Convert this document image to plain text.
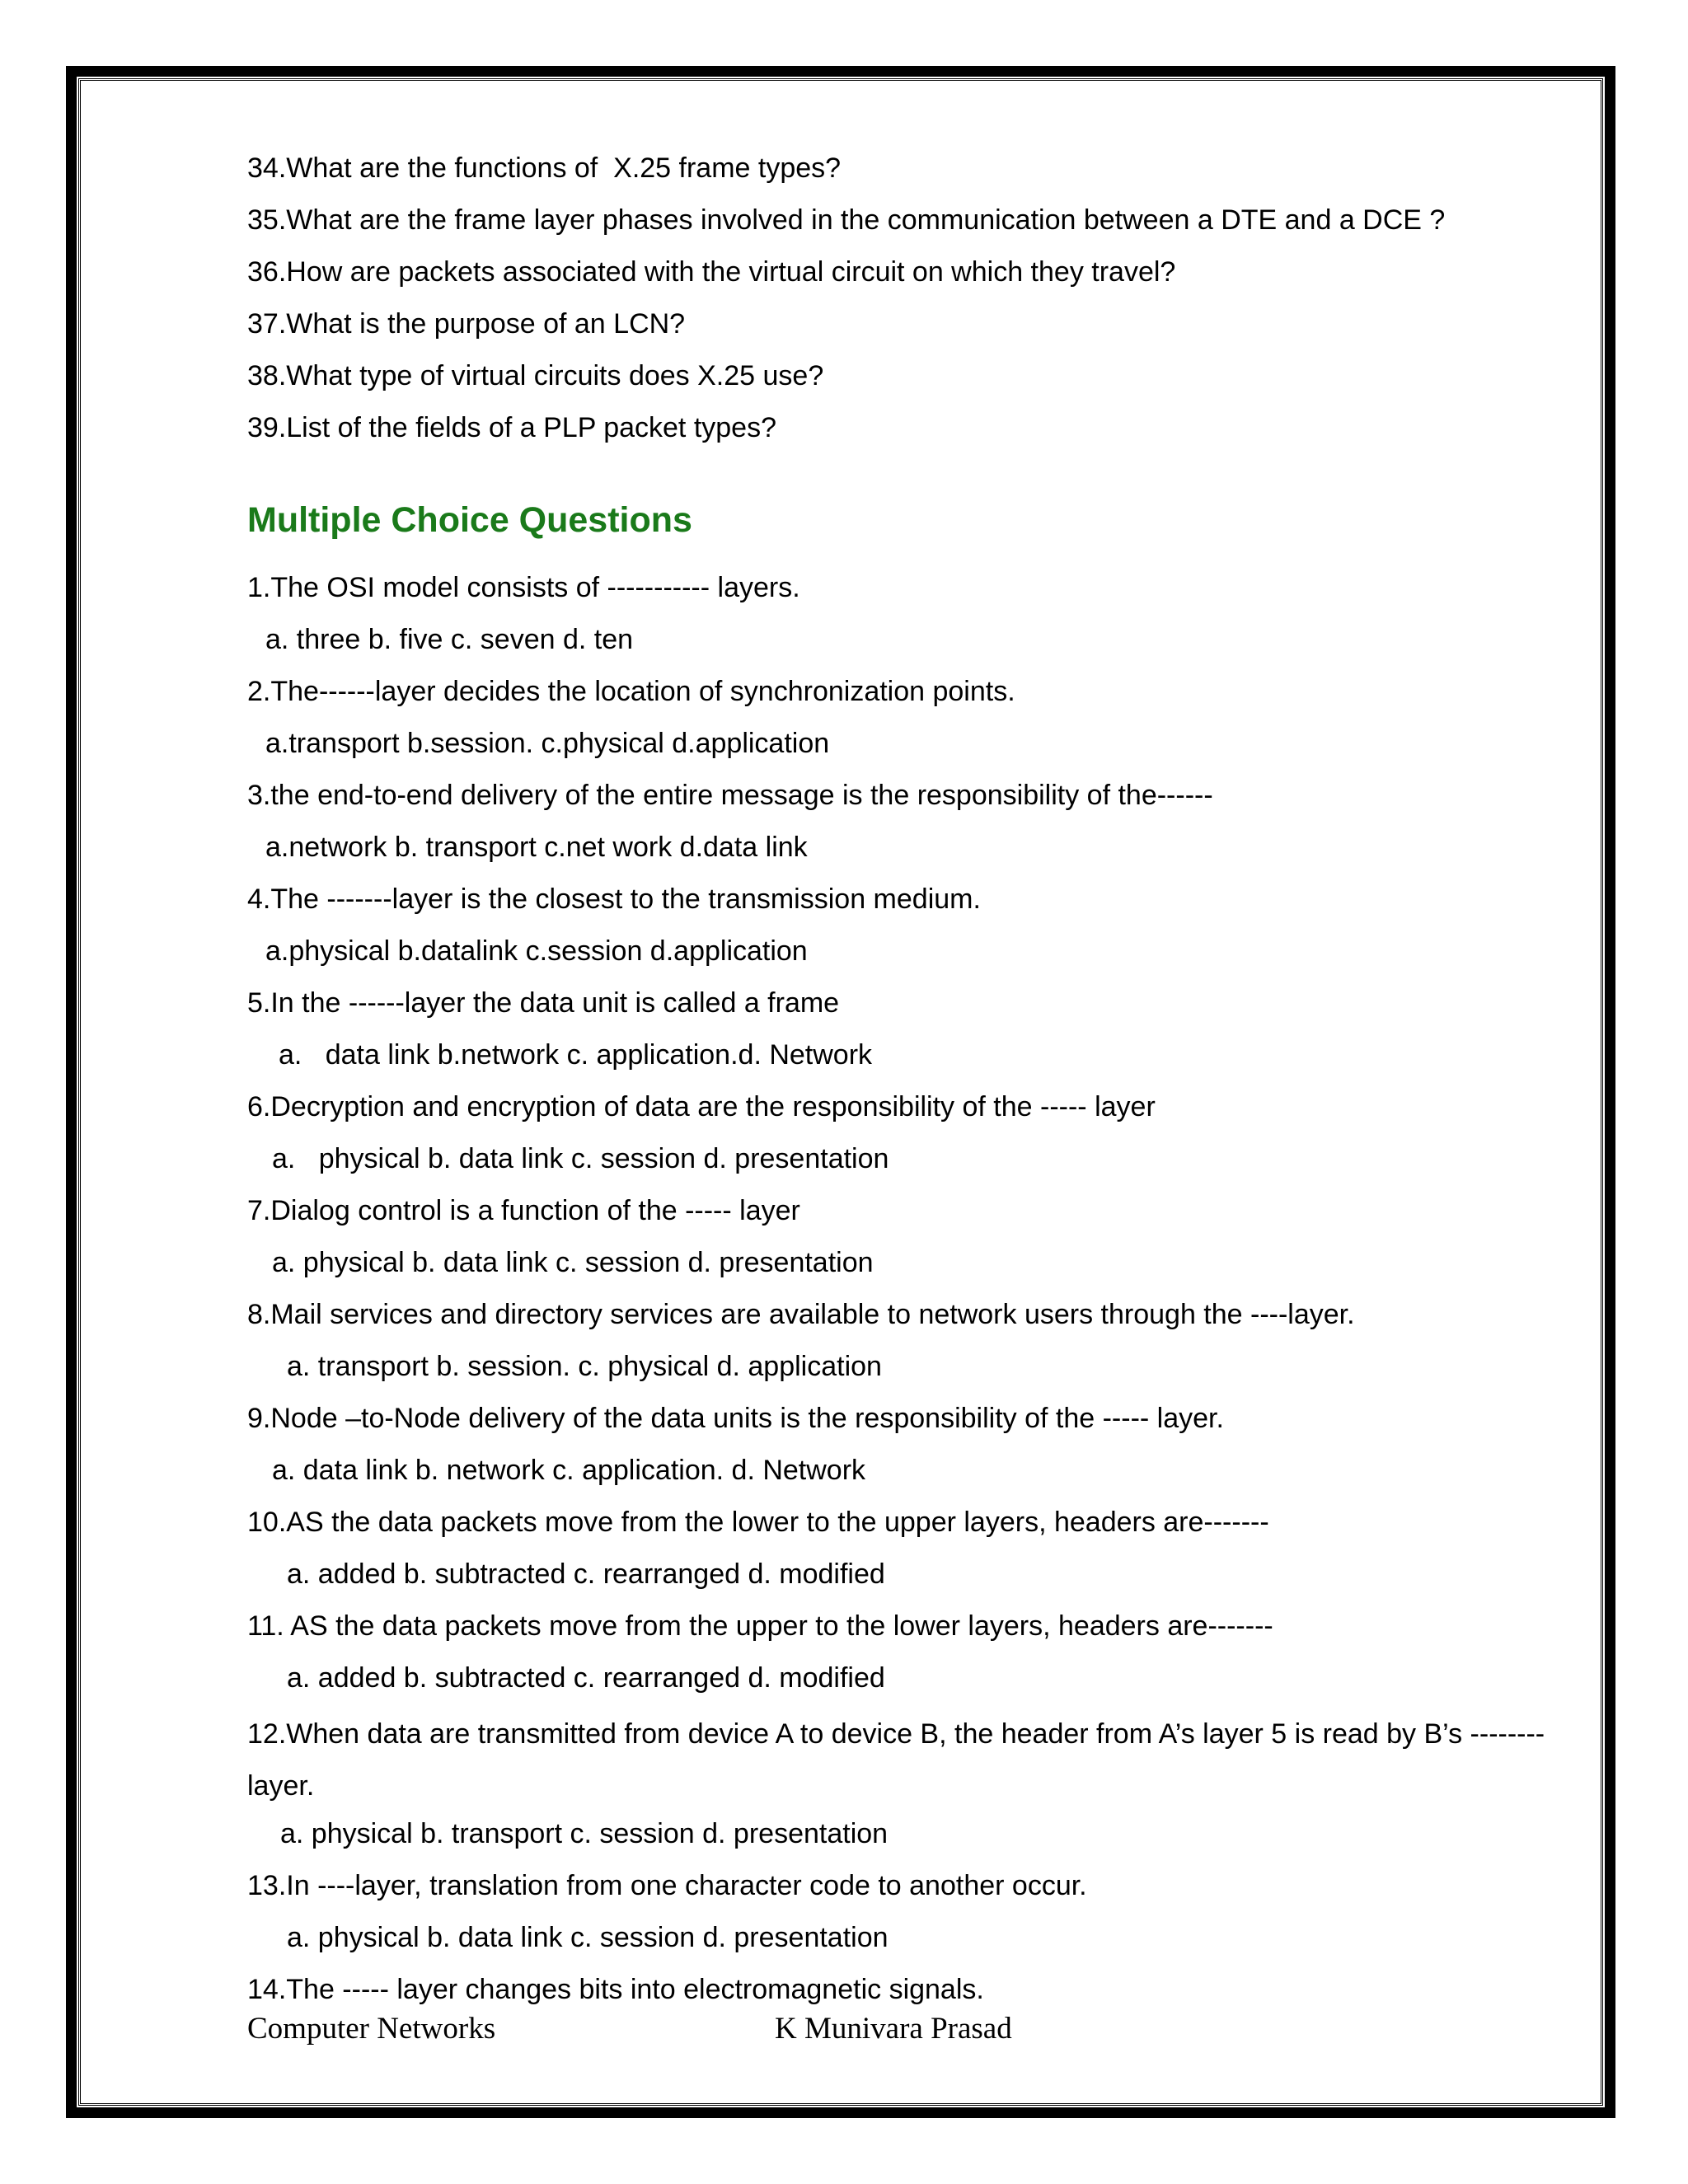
34.What are the functions of  X.25 frame types?
35.What are the frame layer phases involved in the communication between a DTE and a DCE ?
36.How are packets associated with the virtual circuit on which they travel?
37.What is the purpose of an LCN?
38.What type of virtual circuits does X.25 use?
39.List of the fields of a PLP packet types?
Multiple Choice Questions
1.The OSI model consists of ----------- layers.
a. three b. five c. seven d. ten
2.The------layer decides the location of synchronization points.
a.transport b.session. c.physical d.application
3.the end-to-end delivery of the entire message is the responsibility of the------
a.network b. transport c.net work d.data link
4.The -------layer is the closest to the transmission medium.
a.physical b.datalink c.session d.application
5.In the ------layer the data unit is called a frame
a.   data link b.network c. application.d. Network
6.Decryption and encryption of data are the responsibility of the ----- layer
a.   physical b. data link c. session d. presentation
7.Dialog control is a function of the ----- layer
a. physical b. data link c. session d. presentation
8.Mail services and directory services are available to network users through the ----layer.
a. transport b. session. c. physical d. application
9.Node –to-Node delivery of the data units is the responsibility of the ----- layer.
a. data link b. network c. application. d. Network
10.AS the data packets move from the lower to the upper layers, headers are-------
a. added b. subtracted c. rearranged d. modified
11. AS the data packets move from the upper to the lower layers, headers are-------
a. added b. subtracted c. rearranged d. modified
12.When data are transmitted from device A to device B, the header from A’s layer 5 is read by B’s --------layer.
a. physical b. transport c. session d. presentation
13.In ----layer, translation from one character code to another occur.
a. physical b. data link c. session d. presentation
14.The ----- layer changes bits into electromagnetic signals.
Computer Networks	K Munivara Prasad
